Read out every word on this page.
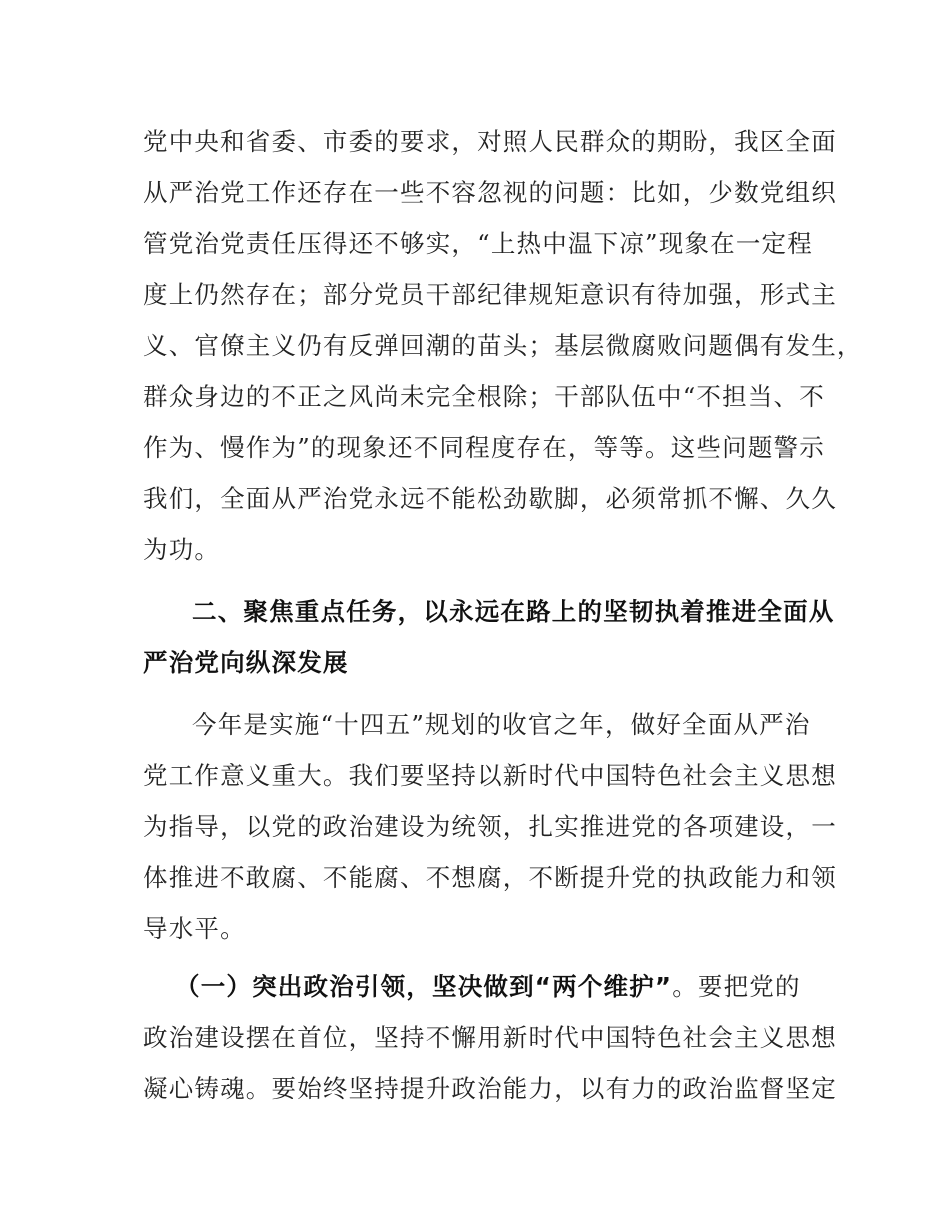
党中央和省委、市委的要求，对照人民群众的期盼，我区全面
从严治党工作还存在一些不容忽视的问题：比如，少数党组织
管党治党责任压得还不够实，“上热中温下凉”现象在一定程
度上仍然存在；部分党员干部纪律规矩意识有待加强，形式主
义、官僚主义仍有反弹回潮的苗头；基层微腐败问题偶有发生，
群众身边的不正之风尚未完全根除；干部队伍中“不担当、不
作为、慢作为”的现象还不同程度存在，等等。这些问题警示
我们，全面从严治党永远不能松劲歇脚，必须常抓不懈、久久
为功。
二、聚焦重点任务，以永远在路上的坚韧执着推进全面从
严治党向纵深发展
今年是实施“十四五”规划的收官之年，做好全面从严治
党工作意义重大。我们要坚持以新时代中国特色社会主义思想
为指导，以党的政治建设为统领，扎实推进党的各项建设，一
体推进不敢腐、不能腐、不想腐，不断提升党的执政能力和领
导水平。
（一）突出政治引领，坚决做到“两个维护”。要把党的
政治建设摆在首位，坚持不懈用新时代中国特色社会主义思想
凝心铸魂。要始终坚持提升政治能力，以有力的政治监督坚定
